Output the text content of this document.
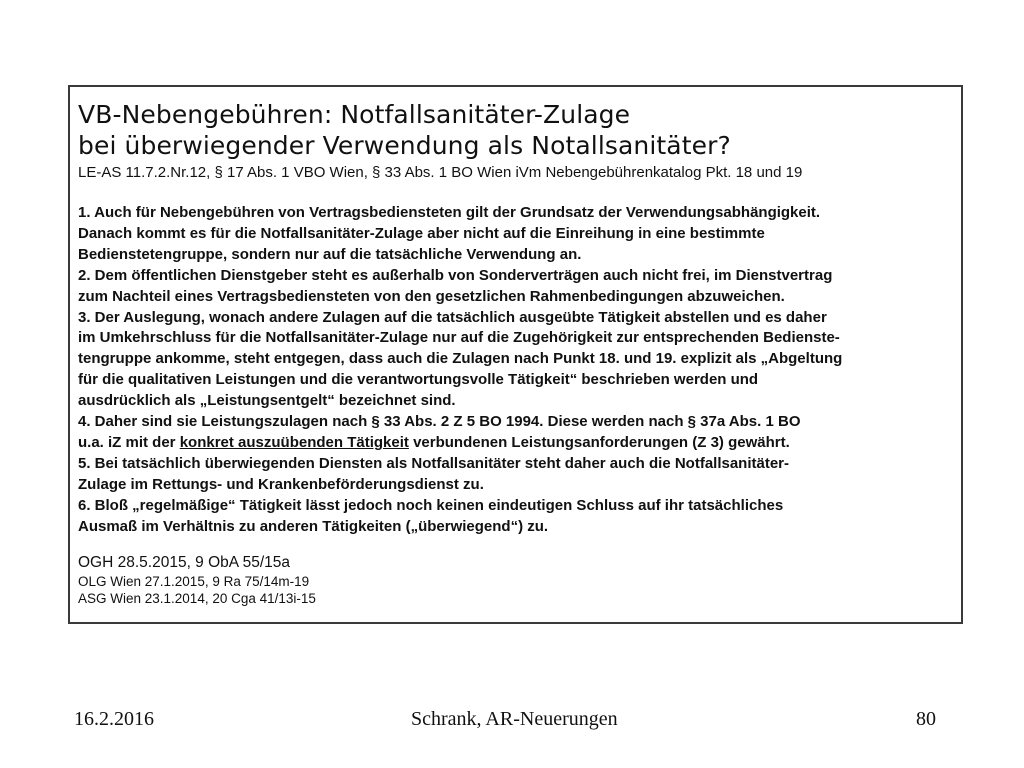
VB-Nebengebühren: Notfallsanitäter-Zulage
bei überwiegender Verwendung als Notallsanitäter?
LE-AS 11.7.2.Nr.12, § 17 Abs. 1 VBO Wien, § 33 Abs. 1 BO Wien iVm Nebengebührenkatalog Pkt. 18 und 19
1. Auch für Nebengebühren von Vertragsbediensteten gilt der Grundsatz der Verwendungsabhängigkeit.
Danach kommt es für die Notfallsanitäter-Zulage aber nicht auf die Einreihung in eine bestimmte
Bedienstetengruppe, sondern nur auf die tatsächliche Verwendung an.
2. Dem öffentlichen Dienstgeber steht es außerhalb von Sonderverträgen auch nicht frei, im Dienstvertrag
zum Nachteil eines Vertragsbediensteten von den gesetzlichen Rahmenbedingungen abzuweichen.
3. Der Auslegung, wonach andere Zulagen auf die tatsächlich ausgeübte Tätigkeit abstellen und es daher
im Umkehrschluss für die Notfallsanitäter-Zulage nur auf die Zugehörigkeit zur entsprechenden Bedienste-
tengruppe ankomme, steht entgegen, dass auch die Zulagen nach Punkt 18. und 19. explizit als „Abgeltung
für die qualitativen Leistungen und die verantwortungsvolle Tätigkeit“ beschrieben werden und
ausdrücklich als „Leistungsentgelt“ bezeichnet sind.
4. Daher sind sie Leistungszulagen nach § 33 Abs. 2 Z 5 BO 1994. Diese werden nach § 37a Abs. 1 BO
u.a. iZ mit der konkret auszuübenden Tätigkeit verbundenen Leistungsanforderungen (Z 3) gewährt.
5. Bei tatsächlich überwiegenden Diensten als Notfallsanitäter steht daher auch die Notfallsanitäter-
Zulage im Rettungs- und Krankenbeförderungsdienst zu.
6. Bloß „regelmäßige“ Tätigkeit lässt jedoch noch keinen eindeutigen Schluss auf ihr tatsächliches
Ausmaß im Verhältnis zu anderen Tätigkeiten („überwiegend“) zu.
OGH 28.5.2015, 9 ObA 55/15a
OLG Wien 27.1.2015, 9 Ra 75/14m-19
ASG Wien 23.1.2014, 20 Cga 41/13i-15
16.2.2016	Schrank, AR-Neuerungen	80
